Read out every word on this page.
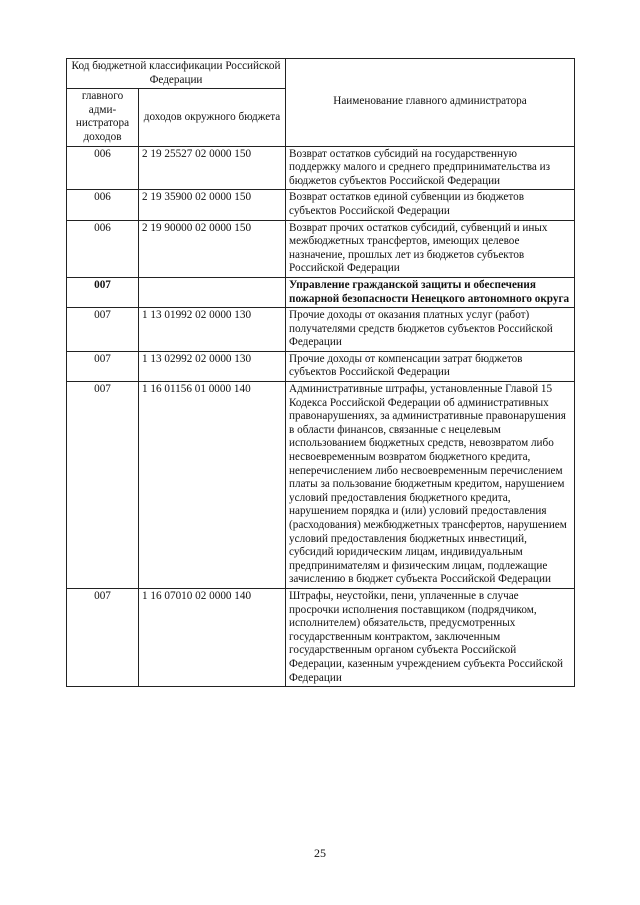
Код бюджетной классификации Российской Федерации		Наименование главного администратора
главного адми-нистратора доходов	доходов окружного бюджета	
006	2 19 25527 02 0000 150	Возврат остатков субсидий на государственную поддержку малого и среднего предпринимательства из бюджетов субъектов Российской Федерации
006	2 19 35900 02 0000 150	Возврат остатков единой субвенции из бюджетов субъектов Российской Федерации
006	2 19 90000 02 0000 150	Возврат прочих остатков субсидий, субвенций и иных межбюджетных трансфертов, имеющих целевое назначение, прошлых лет из бюджетов субъектов Российской Федерации
007		Управление гражданской защиты и обеспечения пожарной безопасности Ненецкого автономного округа
007	1 13 01992 02 0000 130	Прочие доходы от оказания платных услуг (работ) получателями средств бюджетов субъектов Российской Федерации
007	1 13 02992 02 0000 130	Прочие доходы от компенсации затрат бюджетов субъектов Российской Федерации
007	1 16 01156 01 0000 140	Административные штрафы, установленные Главой 15 Кодекса Российской Федерации об административных правонарушениях, за административные правонарушения в области финансов, связанные с нецелевым использованием бюджетных средств, невозвратом либо несвоевременным возвратом бюджетного кредита, неперечислением либо несвоевременным перечислением платы за пользование бюджетным кредитом, нарушением условий предоставления бюджетного кредита, нарушением порядка и (или) условий предоставления (расходования) межбюджетных трансфертов, нарушением условий предоставления бюджетных инвестиций, субсидий юридическим лицам, индивидуальным предпринимателям и физическим лицам, подлежащие зачислению в бюджет субъекта Российской Федерации
007	1 16 07010 02 0000 140	Штрафы, неустойки, пени, уплаченные в случае просрочки исполнения поставщиком (подрядчиком, исполнителем) обязательств, предусмотренных государственным контрактом, заключенным государственным органом субъекта Российской Федерации, казенным учреждением субъекта Российской Федерации
25
